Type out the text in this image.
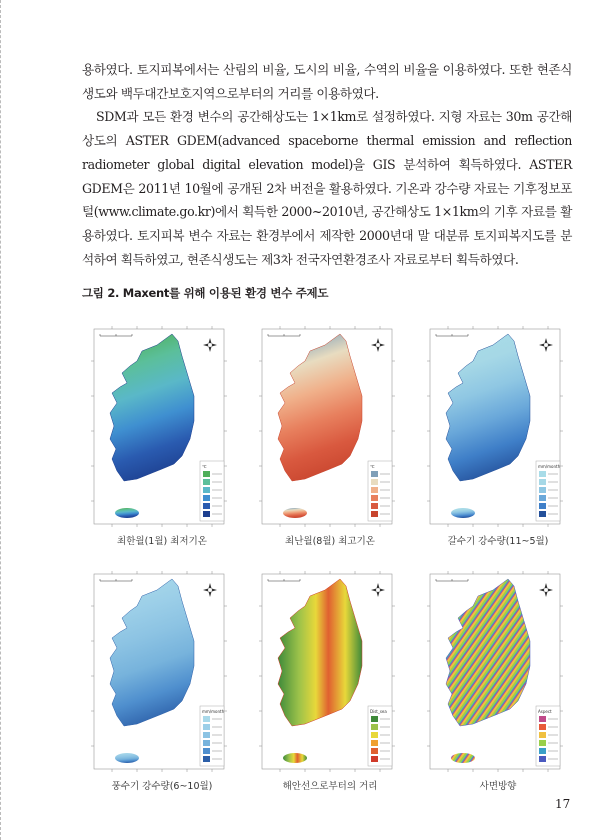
용하였다. 토지피복에서는 산림의 비율, 도시의 비율, 수역의 비율을 이용하였다. 또한 현존식생도와 백두대간보호지역으로부터의 거리를 이용하였다.

SDM과 모든 환경 변수의 공간해상도는 1×1km로 설정하였다. 지형 자료는 30m 공간해상도의 ASTER GDEM(advanced spaceborne thermal emission and reflection radiometer global digital elevation model)을 GIS 분석하여 획득하였다. ASTER GDEM은 2011년 10월에 공개된 2차 버전을 활용하였다. 기온과 강수량 자료는 기후정보포털(www.climate.go.kr)에서 획득한 2000~2010년, 공간해상도 1×1km의 기후 자료를 활용하였다. 토지피복 변수 자료는 환경부에서 제작한 2000년대 말 대분류 토지피복지도를 분석하여 획득하였고, 현존식생도는 제3차 전국자연환경조사 자료로부터 획득하였다.

그림 2. Maxent를 위해 이용된 환경 변수 주제도
℃
최한월(1월) 최저기온
℃
최난월(8월) 최고기온
mm/month
갈수기 강수량(11~5월)
mm/month
풍수기 강수량(6~10월)
Dist_sea
해안선으로부터의 거리
Aspect
사면방향
17
